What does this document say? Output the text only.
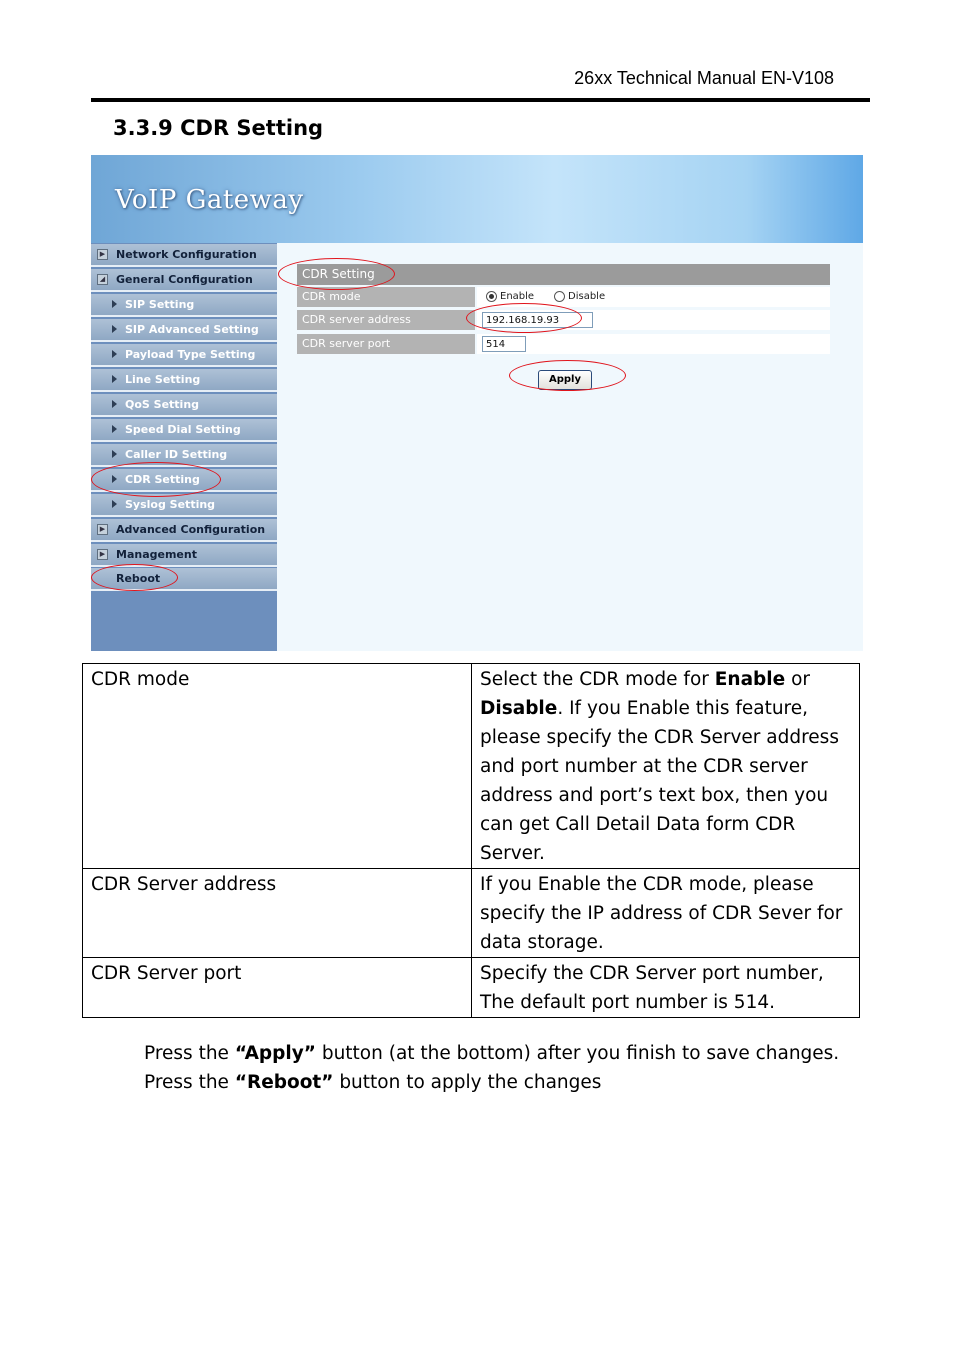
26xx Technical Manual EN-V108
3.3.9 CDR Setting
VoIP Gateway
▶ Network Configuration
◢ General Configuration
SIP Setting
SIP Advanced Setting
Payload Type Setting
Line Setting
QoS Setting
Speed Dial Setting
Caller ID Setting
CDR Setting
Syslog Setting
▶ Advanced Configuration
▶ Management
Reboot
CDR Setting
CDR mode	Enable	Disable
CDR server address	192.168.19.93
CDR server port	514
Apply
CDR mode	Select the CDR mode for Enable or Disable. If you Enable this feature, please specify the CDR Server address and port number at the CDR server address and port’s text box, then you can get Call Detail Data form CDR Server.
CDR Server address	If you Enable the CDR mode, please specify the IP address of CDR Sever for data storage.
CDR Server port	Specify the CDR Server port number, The default port number is 514.
Press the “Apply” button (at the bottom) after you finish to save changes.
Press the “Reboot” button to apply the changes
